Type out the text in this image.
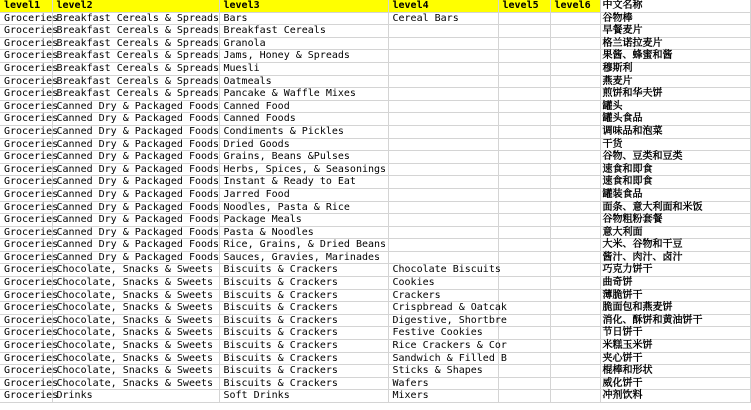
level1	level2	level3	level4	level5	level6	中文名称
Groceries	Breakfast Cereals & Spreads	Bars	Cereal Bars			谷物棒
Groceries	Breakfast Cereals & Spreads	Breakfast Cereals				早餐麦片
Groceries	Breakfast Cereals & Spreads	Granola				格兰诺拉麦片
Groceries	Breakfast Cereals & Spreads	Jams, Honey & Spreads				果酱、蜂蜜和酱
Groceries	Breakfast Cereals & Spreads	Muesli				穆斯利
Groceries	Breakfast Cereals & Spreads	Oatmeals				燕麦片
Groceries	Breakfast Cereals & Spreads	Pancake & Waffle Mixes				煎饼和华夫饼
Groceries	Canned Dry & Packaged Foods	Canned Food				罐头
Groceries	Canned Dry & Packaged Foods	Canned Foods				罐头食品
Groceries	Canned Dry & Packaged Foods	Condiments & Pickles				调味品和泡菜
Groceries	Canned Dry & Packaged Foods	Dried Goods				干货
Groceries	Canned Dry & Packaged Foods	Grains, Beans &Pulses				谷物、豆类和豆类
Groceries	Canned Dry & Packaged Foods	Herbs, Spices, & Seasonings				速食和即食
Groceries	Canned Dry & Packaged Foods	Instant & Ready to Eat				速食和即食
Groceries	Canned Dry & Packaged Foods	Jarred Food				罐装食品
Groceries	Canned Dry & Packaged Foods	Noodles, Pasta & Rice				面条、意大利面和米饭
Groceries	Canned Dry & Packaged Foods	Package Meals				谷物粗粉套餐
Groceries	Canned Dry & Packaged Foods	Pasta & Noodles				意大利面
Groceries	Canned Dry & Packaged Foods	Rice, Grains, & Dried Beans				大米、谷物和干豆
Groceries	Canned Dry & Packaged Foods	Sauces, Gravies, Marinades				酱汁、肉汁、卤汁
Groceries	Chocolate, Snacks & Sweets	Biscuits & Crackers	Chocolate Biscuits			巧克力饼干
Groceries	Chocolate, Snacks & Sweets	Biscuits & Crackers	Cookies			曲奇饼
Groceries	Chocolate, Snacks & Sweets	Biscuits & Crackers	Crackers			薄脆饼干
Groceries	Chocolate, Snacks & Sweets	Biscuits & Crackers	Crispbread & Oatcak			脆面包和燕麦饼
Groceries	Chocolate, Snacks & Sweets	Biscuits & Crackers	Digestive, Shortbre			消化、酥饼和黄油饼干
Groceries	Chocolate, Snacks & Sweets	Biscuits & Crackers	Festive Cookies			节日饼干
Groceries	Chocolate, Snacks & Sweets	Biscuits & Crackers	Rice Crackers & Cor			米糕玉米饼
Groceries	Chocolate, Snacks & Sweets	Biscuits & Crackers	Sandwich & Filled B			夹心饼干
Groceries	Chocolate, Snacks & Sweets	Biscuits & Crackers	Sticks & Shapes			棍棒和形状
Groceries	Chocolate, Snacks & Sweets	Biscuits & Crackers	Wafers			威化饼干
Groceries	Drinks	Soft Drinks	Mixers			冲剂饮料
